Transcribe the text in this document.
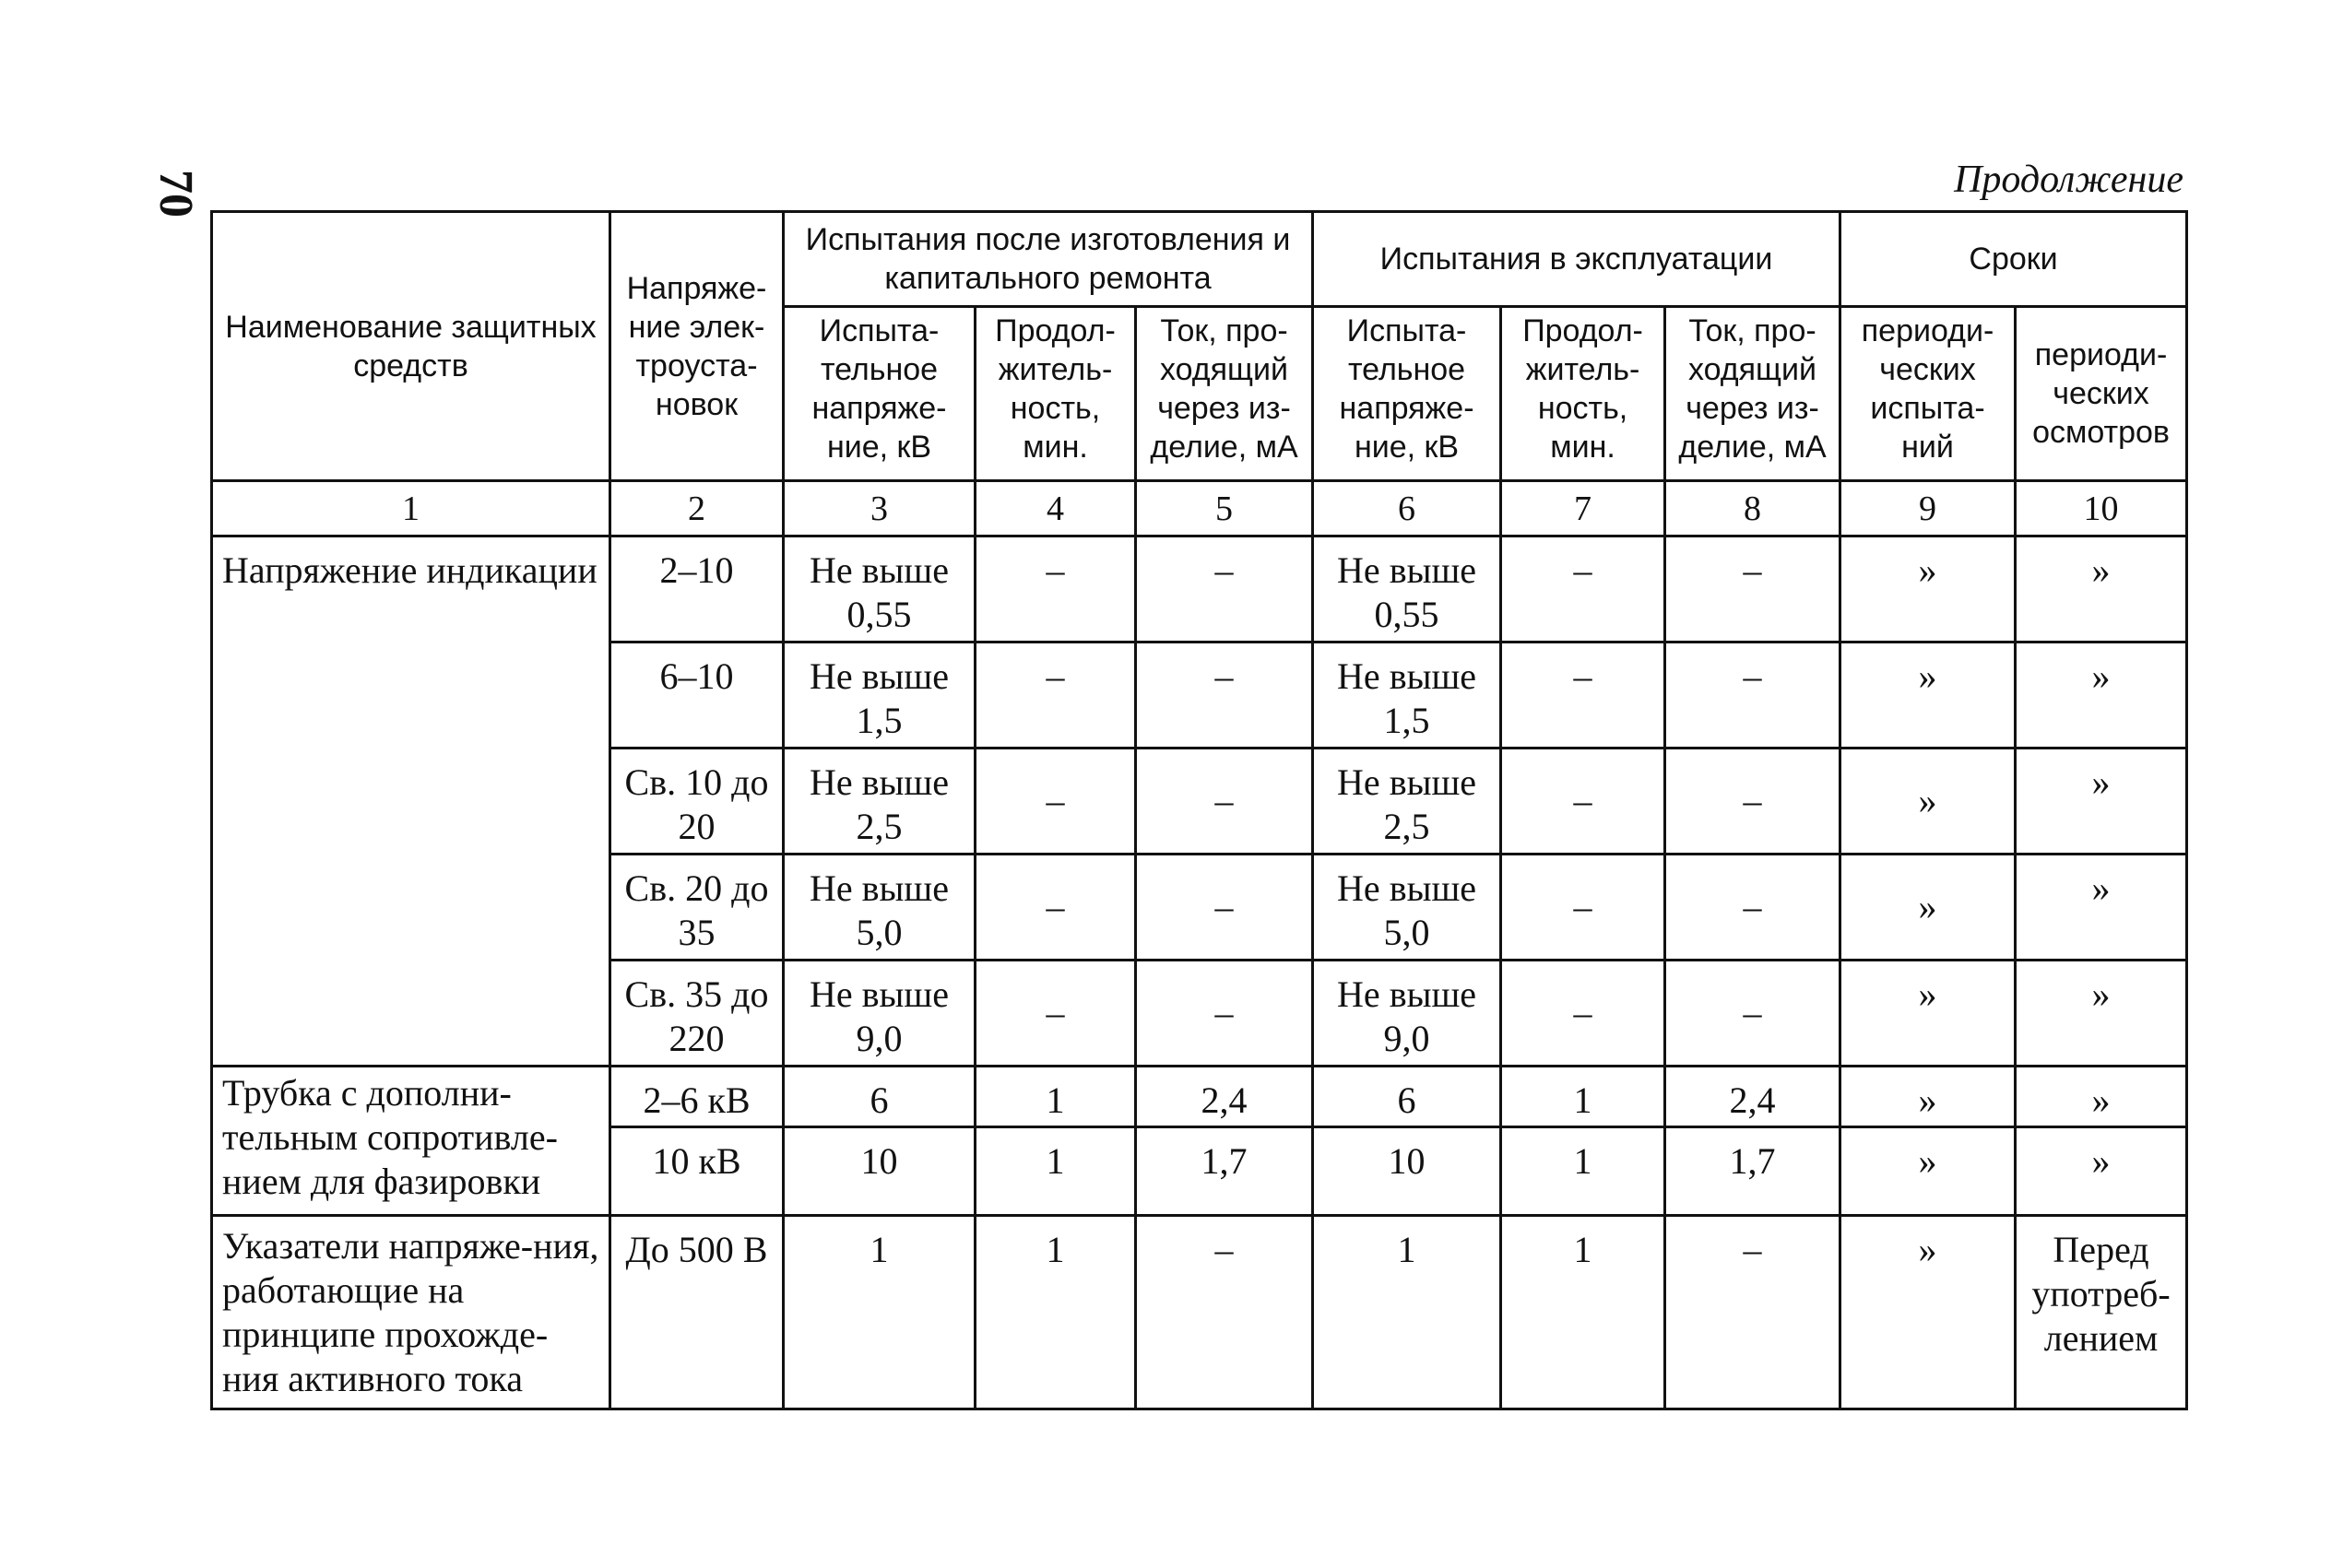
70	Продолжение
Наименование защитных средств	Напряже-ние элек-троуста-новок	Испытания после изготовления и капитального ремонта			Испытания в эксплуатации			Сроки	
		Испыта-тельное напряже-ние, кВ	Продол-житель-ность, мин.	Ток, про-ходящий через из-делие, мА	Испыта-тельное напряже-ние, кВ	Продол-житель-ность, мин.	Ток, про-ходящий через из-делие, мА	периоди-ческих испыта-ний	периоди-ческих осмотров
1	2	3	4	5	6	7	8	9	10
Напряжение индикации	2–10	Не выше 0,55	–	–	Не выше 0,55	–	–	»	»
	6–10	Не выше 1,5	–	–	Не выше 1,5	–	–	»	»
	Св. 10 до 20	Не выше 2,5	–	–	Не выше 2,5	–	–	»	»
	Св. 20 до 35	Не выше 5,0	–	–	Не выше 5,0	–	–	»	»
	Св. 35 до 220	Не выше 9,0	–	–	Не выше 9,0	–	–	»	»
Трубка с дополни-тельным сопротивле-нием для фазировки	2–6 кВ	6	1	2,4	6	1	2,4	»	»
	10 кВ	10	1	1,7	10	1	1,7	»	»
Указатели напряже-ния, работающие на принципе прохожде-ния активного тока	До 500 В	1	1	–	1	1	–	»	Перед употреб-лением
